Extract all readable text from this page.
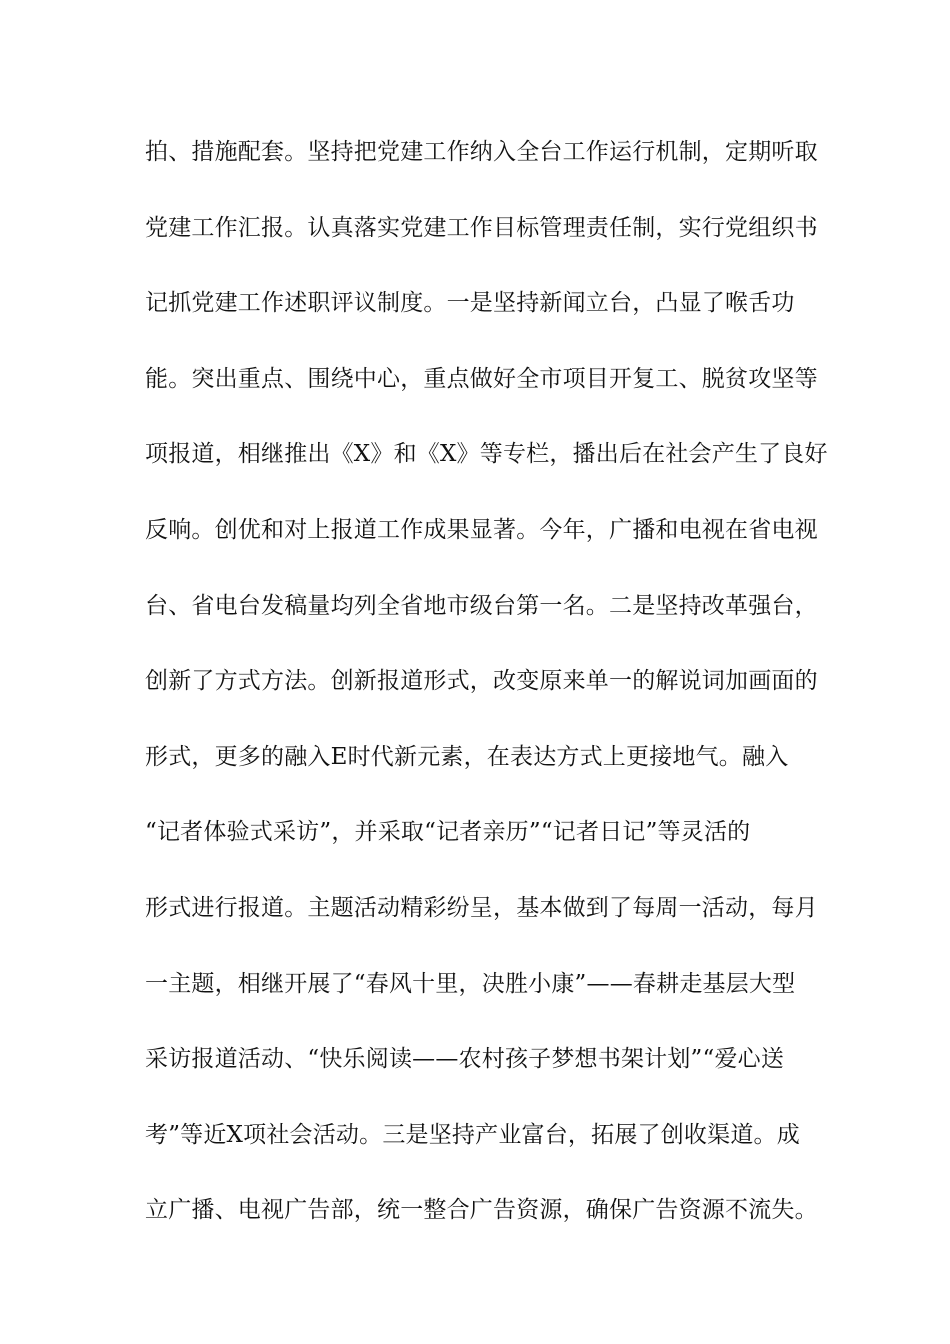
拍、措施配套。坚持把党建工作纳入全台工作运行机制，定期听取
党建工作汇报。认真落实党建工作目标管理责任制，实行党组织书
记抓党建工作述职评议制度。一是坚持新闻立台，凸显了喉舌功
能。突出重点、围绕中心，重点做好全市项目开复工、脱贫攻坚等
项报道，相继推出《X》和《X》等专栏，播出后在社会产生了良好
反响。创优和对上报道工作成果显著。今年，广播和电视在省电视
台、省电台发稿量均列全省地市级台第一名。二是坚持改革强台，
创新了方式方法。创新报道形式，改变原来单一的解说词加画面的
形式，更多的融入E时代新元素，在表达方式上更接地气。融入
“记者体验式采访”，并采取“记者亲历”“记者日记”等灵活的
形式进行报道。主题活动精彩纷呈，基本做到了每周一活动，每月
一主题，相继开展了“春风十里，决胜小康”——春耕走基层大型
采访报道活动、“快乐阅读——农村孩子梦想书架计划”“爱心送
考”等近X项社会活动。三是坚持产业富台，拓展了创收渠道。成
立广播、电视广告部，统一整合广告资源，确保广告资源不流失。
